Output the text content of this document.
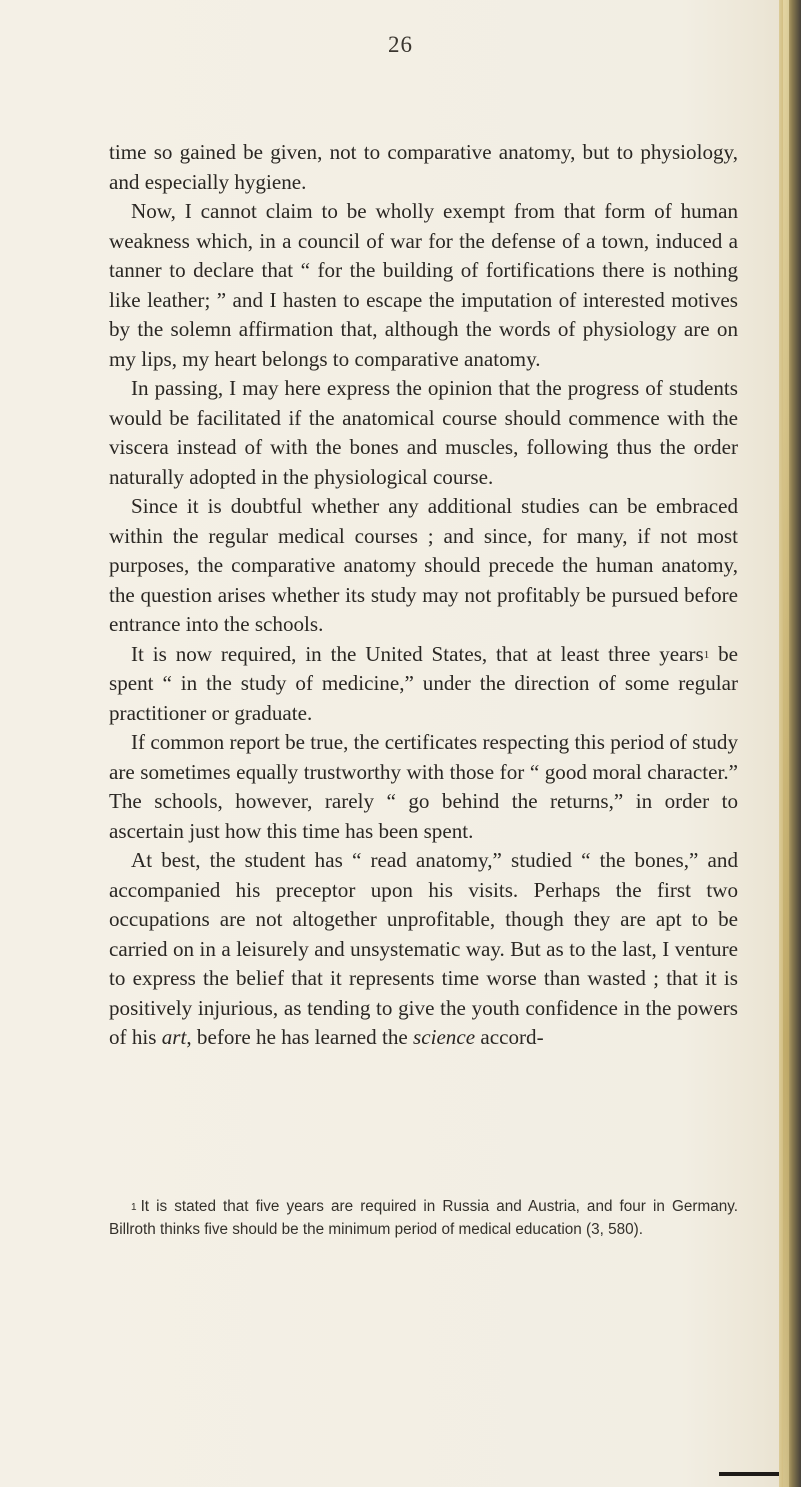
26

time so gained be given, not to comparative anatomy, but to physiology, and especially hygiene.

Now, I cannot claim to be wholly exempt from that form of human weakness which, in a council of war for the defense of a town, induced a tanner to declare that “ for the building of fortifications there is nothing like leather; ” and I hasten to escape the imputation of interested motives by the solemn affirmation that, although the words of physiology are on my lips, my heart belongs to comparative anatomy.

In passing, I may here express the opinion that the progress of students would be facilitated if the anatomical course should commence with the viscera instead of with the bones and muscles, following thus the order naturally adopted in the physiological course.

Since it is doubtful whether any additional studies can be embraced within the regular medical courses ; and since, for many, if not most purposes, the comparative anatomy should precede the human anatomy, the question arises whether its study may not profitably be pursued before entrance into the schools.

It is now required, in the United States, that at least three years$^1$ be spent “ in the study of medicine,” under the direction of some regular practitioner or graduate.

If common report be true, the certificates respecting this period of study are sometimes equally trustworthy with those for “ good moral character.” The schools, however, rarely “ go behind the returns,” in order to ascertain just how this time has been spent.

At best, the student has “ read anatomy,” studied “ the bones,” and accompanied his preceptor upon his visits. Perhaps the first two occupations are not altogether unprofitable, though they are apt to be carried on in a leisurely and unsystematic way. But as to the last, I venture to express the belief that it represents time worse than wasted ; that it is positively injurious, as tending to give the youth confidence in the powers of his art, before he has learned the science accord-

$^1$ It is stated that five years are required in Russia and Austria, and four in Germany. Billroth thinks five should be the minimum period of medical education (3, 580).
